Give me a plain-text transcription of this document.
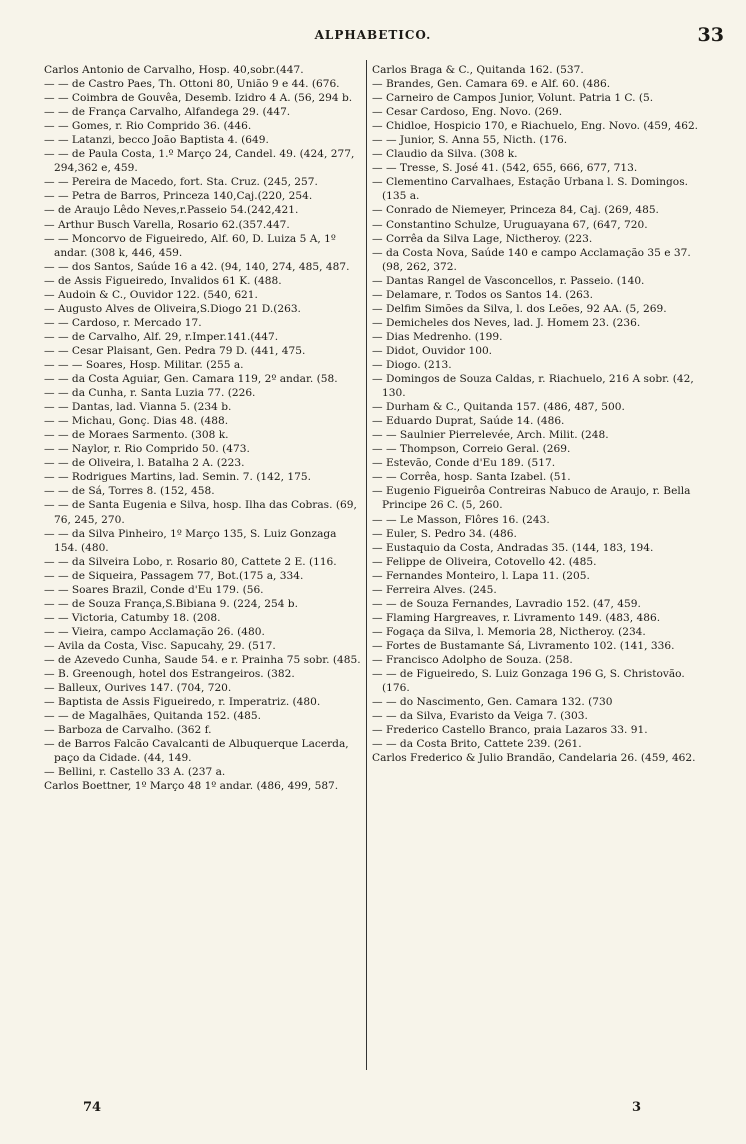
ALPHABETICO.	33
Carlos Antonio de Carvalho, Hosp. 40,sobr.(447.
— — de Castro Paes, Th. Ottoni 80, União 9 e 44. (676.
— — Coimbra de Gouvêa, Desemb. Izidro 4 A. (56, 294 b.
— — de França Carvalho, Alfandega 29. (447.
— — Gomes, r. Rio Comprido 36. (446.
— — Latanzi, becco João Baptista 4. (649.
— — de Paula Costa, 1.º Março 24, Candel. 49. (424, 277, 294,362 e, 459.
— — Pereira de Macedo, fort. Sta. Cruz. (245, 257.
— — Petra de Barros, Princeza 140,Caj.(220, 254.
— de Araujo Lêdo Neves,r.Passeio 54.(242,421.
— Arthur Busch Varella, Rosario 62.(357.447.
— — Moncorvo de Figueiredo, Alf. 60, D. Luiza 5 A, 1º andar. (308 k, 446, 459.
— — dos Santos, Saúde 16 a 42. (94, 140, 274, 485, 487.
— de Assis Figueiredo, Invalidos 61 K. (488.
— Audoin & C., Ouvidor 122. (540, 621.
— Augusto Alves de Oliveira,S.Diogo 21 D.(263.
— — Cardoso, r. Mercado 17.
— — de Carvalho, Alf. 29, r.Imper.141.(447.
— — Cesar Plaisant, Gen. Pedra 79 D. (441, 475.
— — — Soares, Hosp. Militar. (255 a.
— — da Costa Aguiar, Gen. Camara 119, 2º andar. (58.
— — da Cunha, r. Santa Luzia 77. (226.
— — Dantas, lad. Vianna 5. (234 b.
— — Michau, Gonç. Dias 48. (488.
— — de Moraes Sarmento. (308 k.
— — Naylor, r. Rio Comprido 50. (473.
— — de Oliveira, l. Batalha 2 A. (223.
— — Rodrigues Martins, lad. Semin. 7. (142, 175.
— — de Sá, Torres 8. (152, 458.
— — de Santa Eugenia e Silva, hosp. Ilha das Cobras. (69, 76, 245, 270.
— — da Silva Pinheiro, 1º Março 135, S. Luiz Gonzaga 154. (480.
— — da Silveira Lobo, r. Rosario 80, Cattete 2 E. (116.
— — de Siqueira, Passagem 77, Bot.(175 a, 334.
— — Soares Brazil, Conde d'Eu 179. (56.
— — de Souza França,S.Bibiana 9. (224, 254 b.
— — Victoria, Catumby 18. (208.
— — Vieira, campo Acclamação 26. (480.
— Avila da Costa, Visc. Sapucahy, 29. (517.
— de Azevedo Cunha, Saude 54. e r. Prainha 75 sobr. (485.
— B. Greenough, hotel dos Estrangeiros. (382.
— Balleux, Ourives 147. (704, 720.
— Baptista de Assis Figueiredo, r. Imperatriz. (480.
— — de Magalhães, Quitanda 152. (485.
— Barboza de Carvalho. (362 f.
— de Barros Falcão Cavalcanti de Albuquerque Lacerda, paço da Cidade. (44, 149.
— Bellini, r. Castello 33 A. (237 a.
Carlos Boettner, 1º Março 48 1º andar. (486, 499, 587.
Carlos Braga & C., Quitanda 162. (537.
— Brandes, Gen. Camara 69. e Alf. 60. (486.
— Carneiro de Campos Junior, Volunt. Patria 1 C. (5.
— Cesar Cardoso, Eng. Novo. (269.
— Chidloe, Hospicio 170, e Riachuelo, Eng. Novo. (459, 462.
— — Junior, S. Anna 55, Nicth. (176.
— Claudio da Silva. (308 k.
— — Tresse, S. José 41. (542, 655, 666, 677, 713.
— Clementino Carvalhaes, Estação Urbana l. S. Domingos. (135 a.
— Conrado de Niemeyer, Princeza 84, Caj. (269, 485.
— Constantino Schulze, Uruguayana 67, (647, 720.
— Corrêa da Silva Lage, Nictheroy. (223.
— da Costa Nova, Saúde 140 e campo Acclamação 35 e 37. (98, 262, 372.
— Dantas Rangel de Vasconcellos, r. Passeio. (140.
— Delamare, r. Todos os Santos 14. (263.
— Delfim Simões da Silva, l. dos Leões, 92 AA. (5, 269.
— Demicheles dos Neves, lad. J. Homem 23. (236.
— Dias Medrenho. (199.
— Didot, Ouvidor 100.
— Diogo. (213.
— Domingos de Souza Caldas, r. Riachuelo, 216 A sobr. (42, 130.
— Durham & C., Quitanda 157. (486, 487, 500.
— Eduardo Duprat, Saúde 14. (486.
— — Saulnier Pierrelevée, Arch. Milit. (248.
— — Thompson, Correio Geral. (269.
— Estevão, Conde d'Eu 189. (517.
— — Corrêa, hosp. Santa Izabel. (51.
— Eugenio Figueirôa Contreiras Nabuco de Araujo, r. Bella Principe 26 C. (5, 260.
— — Le Masson, Flôres 16. (243.
— Euler, S. Pedro 34. (486.
— Eustaquio da Costa, Andradas 35. (144, 183, 194.
— Felippe de Oliveira, Cotovello 42. (485.
— Fernandes Monteiro, l. Lapa 11. (205.
— Ferreira Alves. (245.
— — de Souza Fernandes, Lavradio 152. (47, 459.
— Flaming Hargreaves, r. Livramento 149. (483, 486.
— Fogaça da Silva, l. Memoria 28, Nictheroy. (234.
— Fortes de Bustamante Sá, Livramento 102. (141, 336.
— Francisco Adolpho de Souza. (258.
— — de Figueiredo, S. Luiz Gonzaga 196 G, S. Christovão. (176.
— — do Nascimento, Gen. Camara 132. (730
— — da Silva, Evaristo da Veiga 7. (303.
— Frederico Castello Branco, praia Lazaros 33. 91.
— — da Costa Brito, Cattete 239. (261.
Carlos Frederico & Julio Brandão, Candelaria 26. (459, 462.
74	3
